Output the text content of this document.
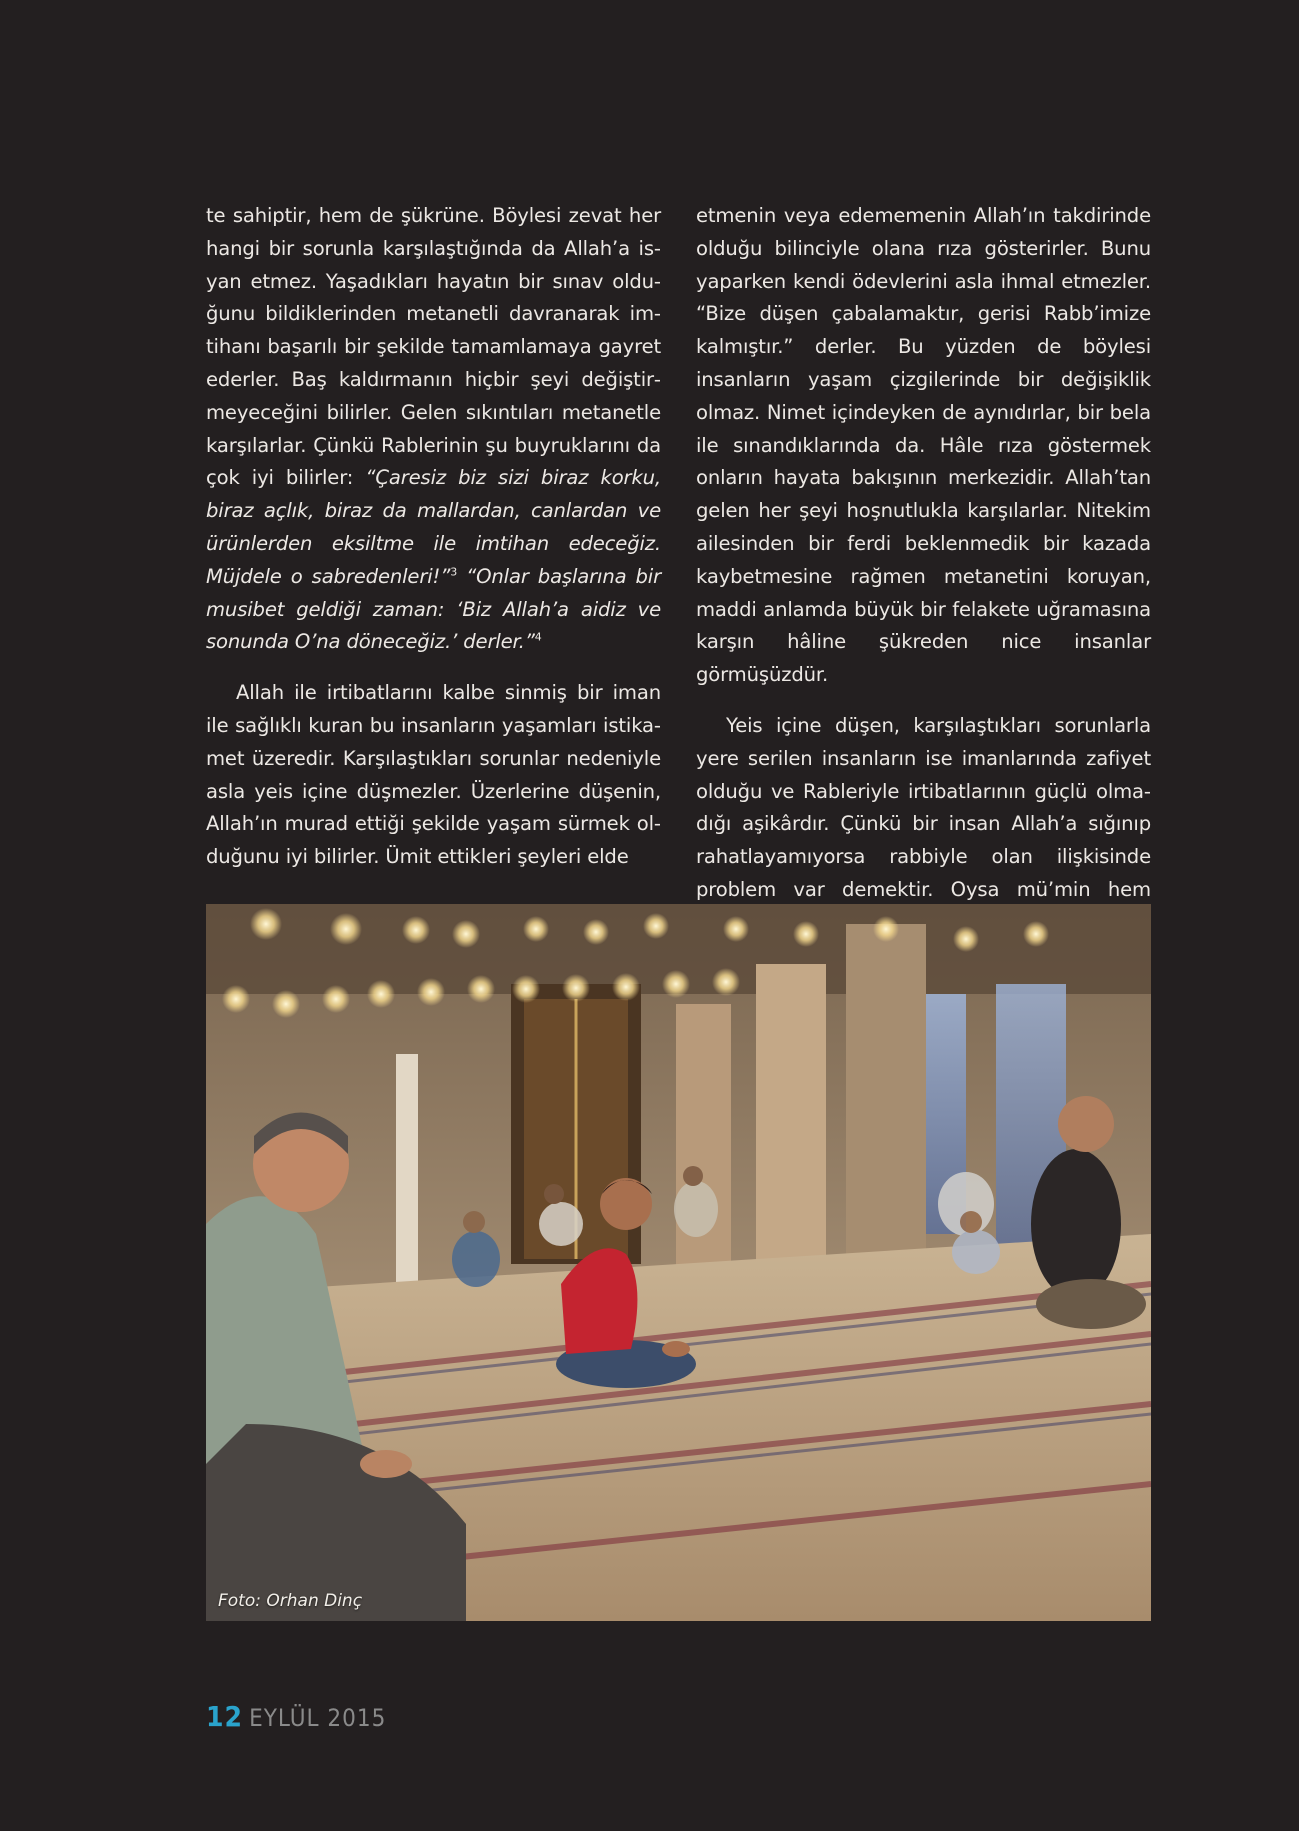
te sahiptir, hem de şükrüne. Böylesi zevat her hangi bir sorunla karşılaştığında da Allah’a isyan etmez. Yaşadıkları hayatın bir sınav olduğunu bildiklerinden metanetli davranarak imtihanı başarılı bir şekilde tamamlamaya gayret ederler. Baş kaldırmanın hiçbir şeyi değiştirmeyeceğini bilirler. Gelen sıkıntıları metanetle karşılarlar. Çünkü Rablerinin şu buyruklarını da çok iyi bilirler: “Çaresiz biz sizi biraz korku, biraz açlık, biraz da mallardan, canlardan ve ürünlerden eksiltme ile imtihan edeceğiz. Müjdele o sabredenleri!”$^3$ “Onlar başlarına bir musibet geldiği zaman: ‘Biz Allah’a aidiz ve sonunda O’na döneceğiz.’ derler.”$^4$

Allah ile irtibatlarını kalbe sinmiş bir iman ile sağlıklı kuran bu insanların yaşamları istikamet üzeredir. Karşılaştıkları sorunlar nedeniyle asla yeis içine düşmezler. Üzerlerine düşenin, Allah’ın murad ettiği şekilde yaşam sürmek olduğunu iyi bilirler. Ümit ettikleri şeyleri elde

etmenin veya edememenin Allah’ın takdirinde olduğu bilinciyle olana rıza gösterirler. Bunu yaparken kendi ödevlerini asla ihmal etmezler. “Bize düşen çabalamaktır, gerisi Rabb’imize kalmıştır.” derler. Bu yüzden de böylesi insanların yaşam çizgilerinde bir değişiklik olmaz. Nimet içindeyken de aynıdırlar, bir bela ile sınandıklarında da. Hâle rıza göstermek onların hayata bakışının merkezidir. Allah’tan gelen her şeyi hoşnutlukla karşılarlar. Nitekim ailesinden bir ferdi beklenmedik bir kazada kaybetmesine rağmen metanetini koruyan, maddi anlamda büyük bir felakete uğramasına karşın hâline şükreden nice insanlar görmüşüzdür.

Yeis içine düşen, karşılaştıkları sorunlarla yere serilen insanların ise imanlarında zafiyet olduğu ve Rableriyle irtibatlarının güçlü olmadığı aşikârdır. Çünkü bir insan Allah’a sığınıp rahatlayamıyorsa rabbiyle olan ilişkisinde problem var demektir. Oysa mü’min hem

Foto: Orhan Dinç
12 EYLÜL 2015
